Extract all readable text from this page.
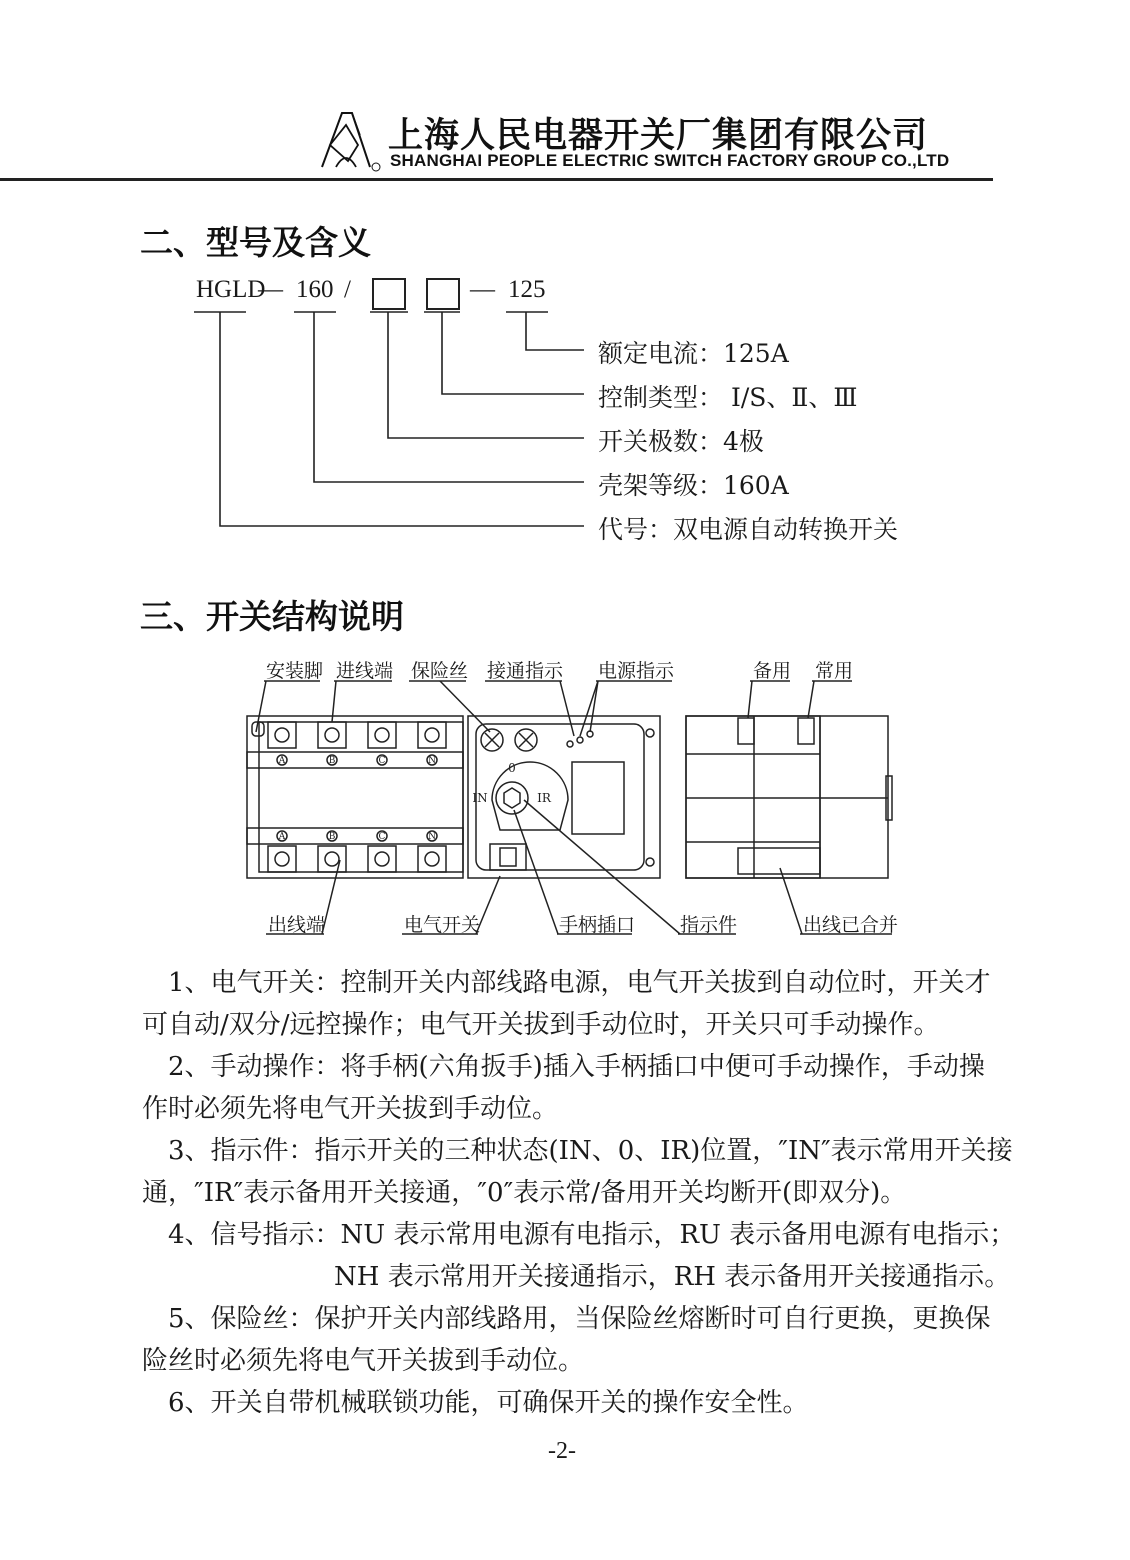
上海人民电器开关厂集团有限公司
SHANGHAI PEOPLE ELECTRIC SWITCH FACTORY GROUP CO.,LTD
二、型号及含义
HGLD
— 160 /	— 125
额定电流：125A
控制类型： Ⅰ/S、Ⅱ、Ⅲ
开关极数：4极
壳架等级：160A
代号：双电源自动转换开关
三、开关结构说明
安装脚 进线端 保险丝 接通指示 电源指示	备用 常用
出线端	电气开关	手柄插口 指示件	出线已合并
A	B	C	N
A	B	C	N
0
IN	IR
　1、电气开关：控制开关内部线路电源，电气开关拔到自动位时，开关才
可自动/双分/远控操作；电气开关拔到手动位时，开关只可手动操作。
　2、手动操作：将手柄(六角扳手)插入手柄插口中便可手动操作，手动操
作时必须先将电气开关拔到手动位。
　3、指示件：指示开关的三种状态(IN、0、IR)位置，″ⅠN″表示常用开关接
通，″IR″表示备用开关接通，″0″表示常/备用开关均断开(即双分)。
　4、信号指示：NU 表示常用电源有电指示，RU 表示备用电源有电指示；
NH 表示常用开关接通指示，RH 表示备用开关接通指示。
　5、保险丝：保护开关内部线路用，当保险丝熔断时可自行更换，更换保
险丝时必须先将电气开关拔到手动位。
　6、开关自带机械联锁功能，可确保开关的操作安全性。
-2-
